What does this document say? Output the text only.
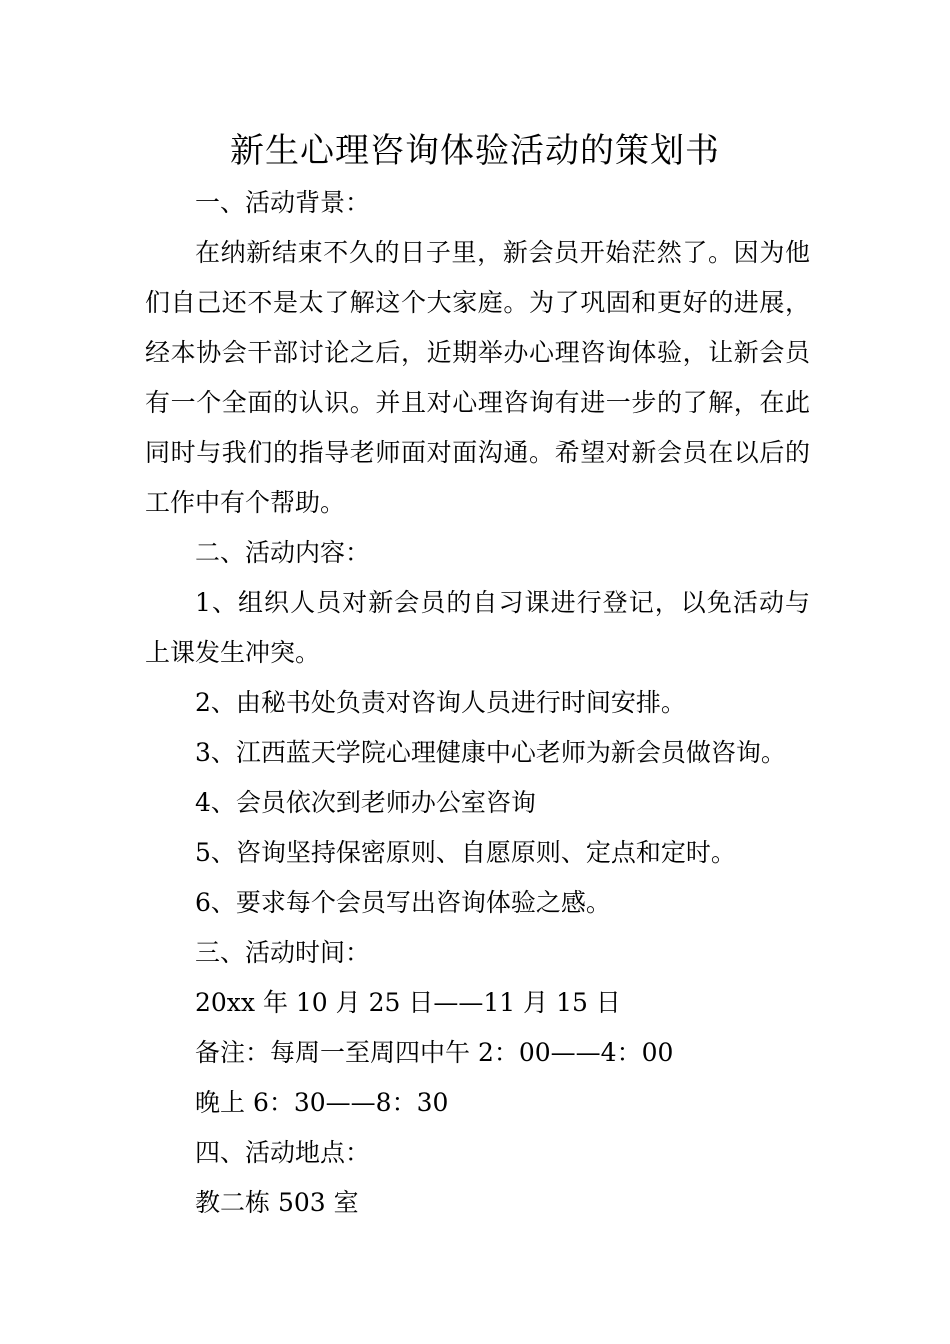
新生心理咨询体验活动的策划书
一、活动背景：

在纳新结束不久的日子里，新会员开始茫然了。因为他们自己还不是太了解这个大家庭。为了巩固和更好的进展，经本协会干部讨论之后，近期举办心理咨询体验，让新会员有一个全面的认识。并且对心理咨询有进一步的了解，在此同时与我们的指导老师面对面沟通。希望对新会员在以后的工作中有个帮助。

二、活动内容：

1、组织人员对新会员的自习课进行登记，以免活动与上课发生冲突。

2、由秘书处负责对咨询人员进行时间安排。
3、江西蓝天学院心理健康中心老师为新会员做咨询。
4、会员依次到老师办公室咨询
5、咨询坚持保密原则、自愿原则、定点和定时。
6、要求每个会员写出咨询体验之感。
三、活动时间：
20xx 年 10 月 25 日——11 月 15 日
备注：每周一至周四中午 2：00——4：00
晚上 6：30——8：30
四、活动地点：
教二栋 503 室
